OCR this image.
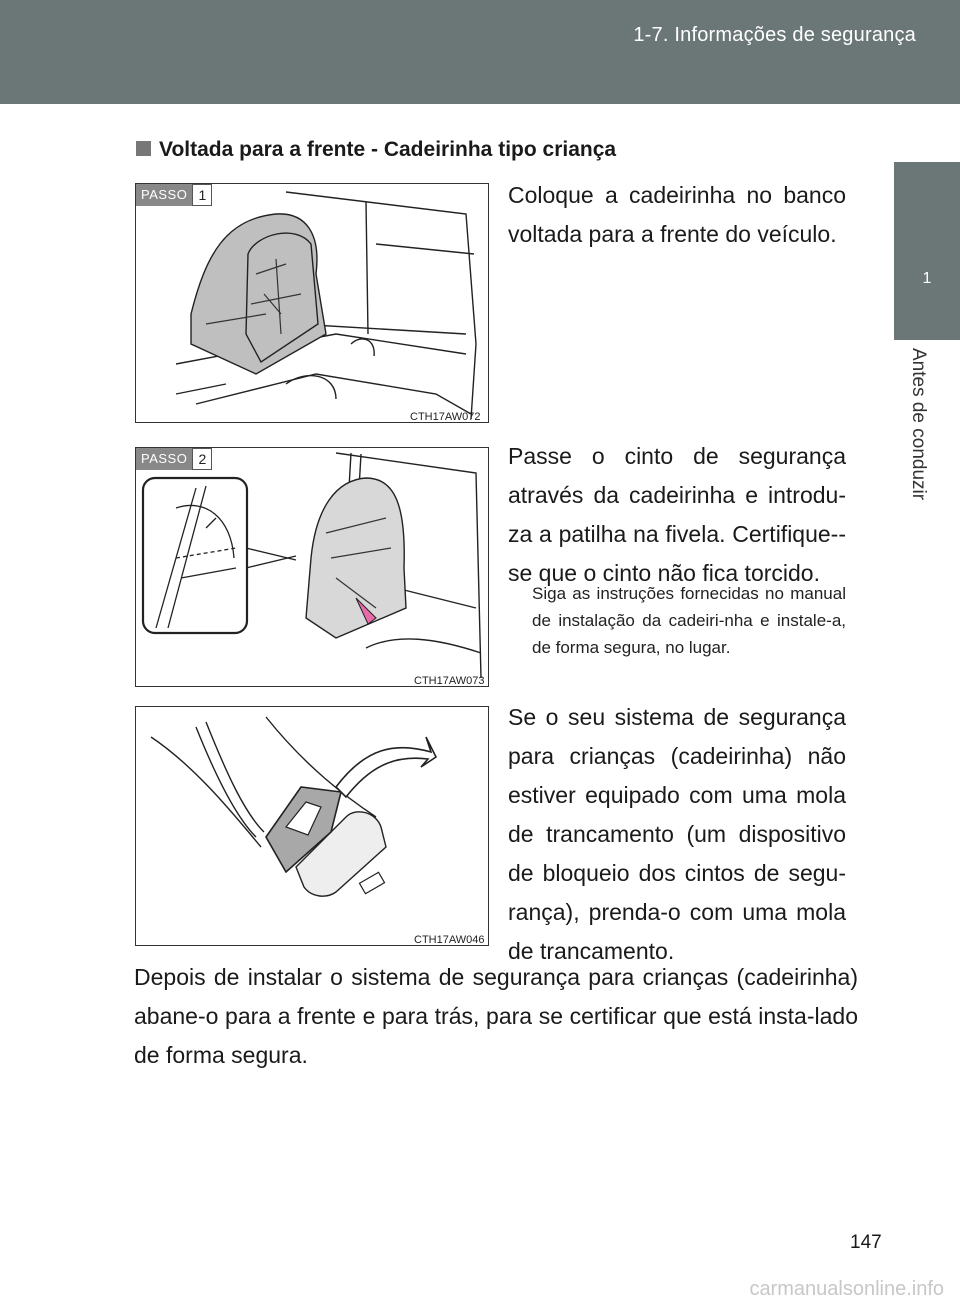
1-7. Informações de segurança
1
Antes de conduzir
Voltada para a frente - Cadeirinha tipo criança
CTH17AW072
PASSO 1	Coloque a cadeirinha no banco voltada para a frente do veículo.

CTH17AW073
PASSO 2	Passe o cinto de segurança através da cadeirinha e introdu-za a patilha na fivela. Certifique--se que o cinto não fica torcido.

Siga as instruções fornecidas no manual de instalação da cadeiri-nha e instale-a, de forma segura, no lugar.

CTH17AW046

Se o seu sistema de segurança para crianças (cadeirinha) não estiver equipado com uma mola de trancamento (um dispositivo de bloqueio dos cintos de segu-rança), prenda-o com uma mola de trancamento.

Depois de instalar o sistema de segurança para crianças (cadeirinha) abane-o para a frente e para trás, para se certificar que está insta-lado de forma segura.

147
carmanualsonline.info
